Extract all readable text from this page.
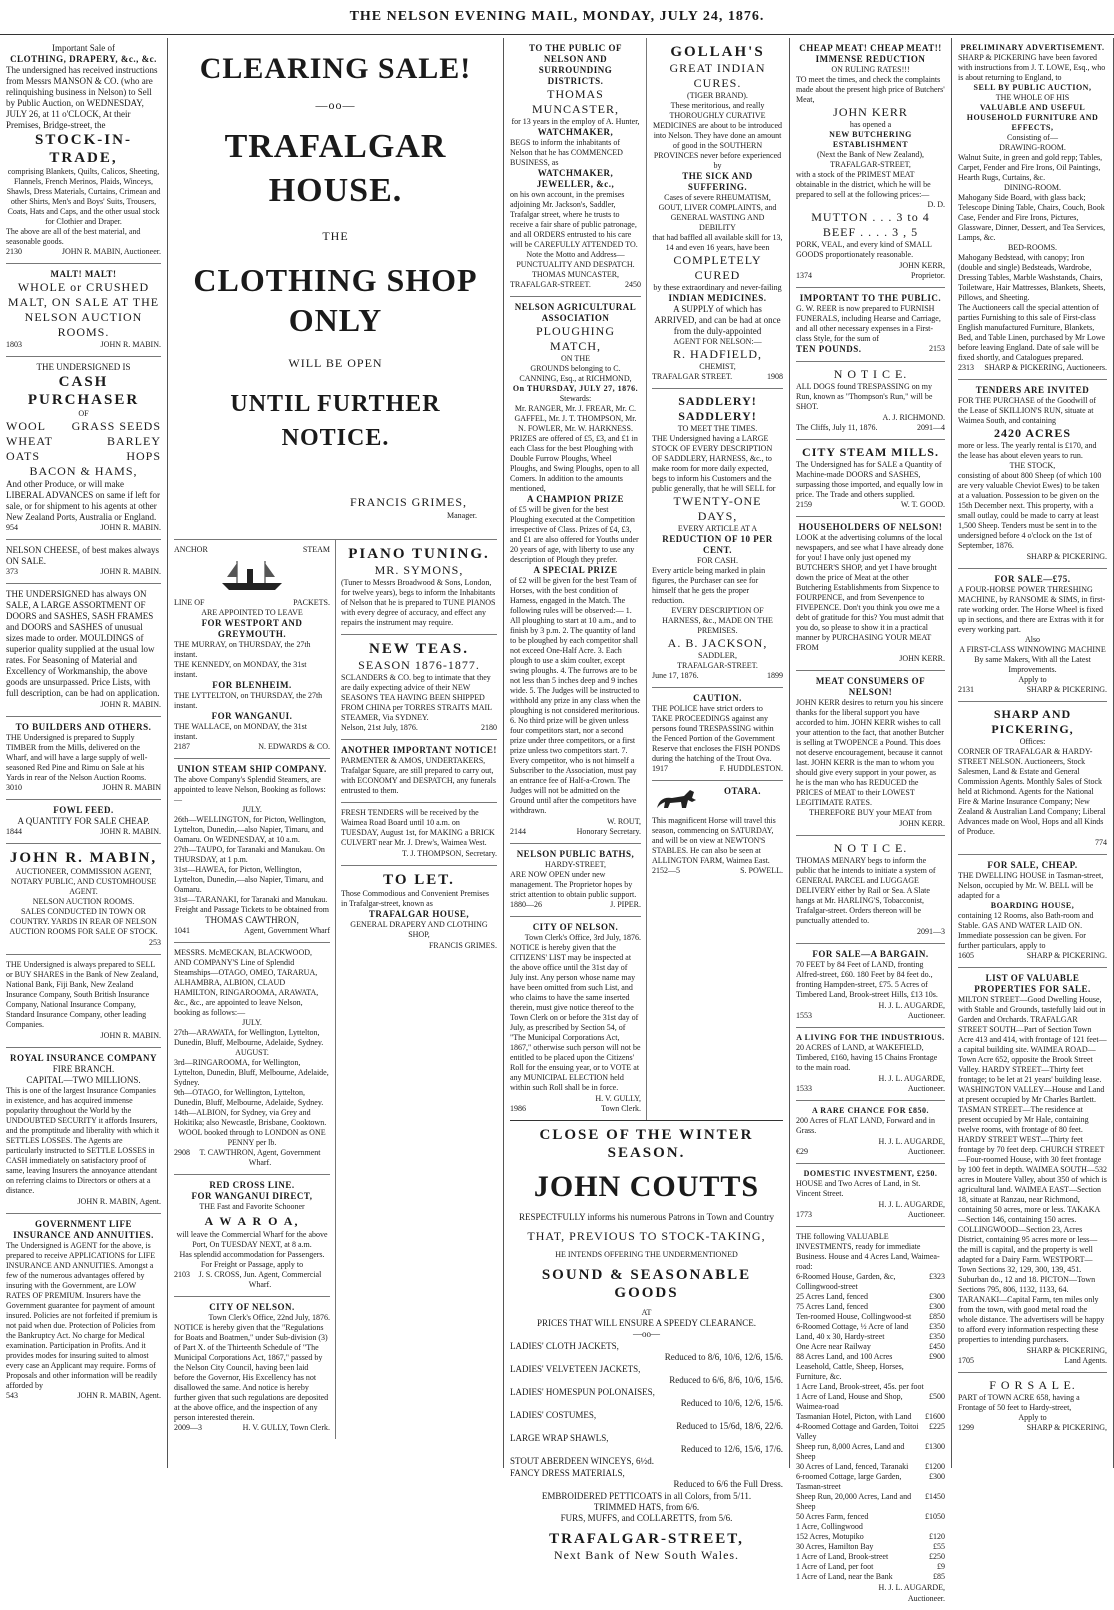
THE NELSON EVENING MAIL, MONDAY, JULY 24, 1876.
Important Sale of
CLOTHING, DRAPERY, &c., &c.
The undersigned has received instructions from Messrs MANSON & CO. (who are relinquishing business in Nelson) to Sell by Public Auction, on WEDNESDAY, JULY 26, at 11 o'CLOCK, At their Premises, Bridge-street, the
STOCK-IN-TRADE,
comprising Blankets, Quilts, Calicos, Sheeting, Flannels, French Merinos, Plaids, Winceys, Shawls, Dress Materials, Curtains, Crimean and other Shirts, Men's and Boys' Suits, Trousers, Coats, Hats and Caps, and the other usual stock for Clothier and Draper.
The above are all of the best material, and seasonable goods.
2130	JOHN R. MABIN, Auctioneer.
MALT! MALT!
WHOLE or CRUSHED MALT, ON SALE AT THE NELSON AUCTION ROOMS.
1803	JOHN R. MABIN.
THE UNDERSIGNED IS
CASH PURCHASER
OF
WOOL GRASS SEEDS
WHEAT	BARLEY
OATS	HOPS
BACON & HAMS,
And other Produce, or will make LIBERAL ADVANCES on same if left for sale, or for shipment to his agents at other New Zealand Ports, Australia or England.
954	JOHN R. MABIN.
NELSON CHEESE, of best makes always ON SALE.
373	JOHN R. MABIN.
THE UNDERSIGNED has always ON SALE, A LARGE ASSORTMENT OF DOORS and SASHES, SASH FRAMES and DOORS and SASHES of unusual sizes made to order. MOULDINGS of superior quality supplied at the usual low rates. For Seasoning of Material and Excellency of Workmanship, the above goods are unsurpassed. Price Lists, with full description, can be had on application.
JOHN R. MABIN.
TO BUILDERS AND OTHERS.
THE Undersigned is prepared to Supply TIMBER from the Mills, delivered on the Wharf, and will have a large supply of well-seasoned Red Pine and Rimu on Sale at his Yards in rear of the Nelson Auction Rooms.
3010	JOHN R. MABIN
FOWL FEED.
A QUANTITY FOR SALE CHEAP.
1844	JOHN R. MABIN.
JOHN R. MABIN,
AUCTIONEER, COMMISSION AGENT, NOTARY PUBLIC, AND CUSTOMHOUSE AGENT.
NELSON AUCTION ROOMS.
SALES CONDUCTED IN TOWN OR COUNTRY. YARDS IN REAR OF NELSON AUCTION ROOMS FOR SALE OF STOCK.
253
THE Undersigned is always prepared to SELL or BUY SHARES in the Bank of New Zealand, National Bank, Fiji Bank, New Zealand Insurance Company, South British Insurance Company, National Insurance Company, Standard Insurance Company, other leading Companies.
JOHN R. MABIN.
ROYAL INSURANCE COMPANY
FIRE BRANCH.
CAPITAL—TWO MILLIONS.
This is one of the largest Insurance Companies in existence, and has acquired immense popularity throughout the World by the UNDOUBTED SECURITY it affords Insurers, and the promptitude and liberality with which it SETTLES LOSSES. The Agents are particularly instructed to SETTLE LOSSES in CASH immediately on satisfactory proof of same, leaving Insurers the annoyance attendant on referring claims to Directors or others at a distance.
JOHN R. MABIN, Agent.
GOVERNMENT LIFE INSURANCE AND ANNUITIES.
The Undersigned is AGENT for the above, is prepared to receive APPLICATIONS for LIFE INSURANCE AND ANNUITIES. Amongst a few of the numerous advantages offered by insuring with the Government, are LOW RATES OF PREMIUM. Insurers have the Government guarantee for payment of amount insured. Policies are not forfeited if premium is not paid when due. Protection of Policies from the Bankruptcy Act. No charge for Medical examination. Participation in Profits. And it provides modes for insuring suited to almost every case an Applicant may require. Forms of Proposals and other information will be readily afforded by
543	JOHN R. MABIN, Agent.
CLEARING SALE!
—oo—
TRAFALGAR HOUSE.
THE
CLOTHING SHOP ONLY
WILL BE OPEN
UNTIL FURTHER NOTICE.
FRANCIS GRIMES,
Manager.
ANCHOR	STEAM
LINE OF	PACKETS.
ARE APPOINTED TO LEAVE
FOR WESTPORT AND GREYMOUTH.
THE MURRAY, on THURSDAY, the 27th instant.
THE KENNEDY, on MONDAY, the 31st instant.
FOR BLENHEIM.
THE LYTTELTON, on THURSDAY, the 27th instant.
FOR WANGANUI.
THE WALLACE, on MONDAY, the 31st instant.
2187	N. EDWARDS & CO.
UNION STEAM SHIP COMPANY.
The above Company's Splendid Steamers, are appointed to leave Nelson, Booking as follows:—
JULY.
26th—WELLINGTON, for Picton, Wellington, Lyttelton, Dunedin,—also Napier, Timaru, and Oamaru. On WEDNESDAY, at 10 a.m.
27th—TAUPO, for Taranaki and Manukau. On THURSDAY, at 1 p.m.
31st—HAWEA, for Picton, Wellington, Lyttelton, Dunedin,—also Napier, Timaru, and Oamaru.
31st—TARANAKI, for Taranaki and Manukau.
Freight and Passage Tickets to be obtained from
THOMAS CAWTHRON,
1041	Agent, Government Wharf
MESSRS. McMECKAN, BLACKWOOD, AND COMPANY'S Line of Splendid Steamships—OTAGO, OMEO, TARARUA, ALHAMBRA, ALBION, CLAUD HAMILTON, RINGAROOMA, ARAWATA, &c., &c., are appointed to leave Nelson, booking as follows:—
JULY.
27th—ARAWATA, for Wellington, Lyttelton, Dunedin, Bluff, Melbourne, Adelaide, Sydney.
AUGUST.
3rd—RINGAROOMA, for Wellington, Lyttelton, Dunedin, Bluff, Melbourne, Adelaide, Sydney.
9th—OTAGO, for Wellington, Lyttelton, Dunedin, Bluff, Melbourne, Adelaide, Sydney.
14th—ALBION, for Sydney, via Grey and Hokitika; also Newcastle, Brisbane, Cooktown.
WOOL booked through to LONDON as ONE PENNY per lb.
2908	T. CAWTHRON, Agent, Government Wharf.
RED CROSS LINE.
FOR WANGANUI DIRECT,
THE Fast and Favorite Schooner
A W A R O A,
will leave the Commercial Wharf for the above Port, On TUESDAY NEXT, at 8 a.m.
Has splendid accommodation for Passengers.
For Freight or Passage, apply to
2103	J. S. CROSS, Jun. Agent, Commercial Wharf.
CITY OF NELSON.
Town Clerk's Office, 22nd July, 1876.
NOTICE is hereby given that the "Regulations for Boats and Boatmen," under Sub-division (3) of Part X. of the Thirteenth Schedule of "The Municipal Corporations Act, 1867," passed by the Nelson City Council, having been laid before the Governor, His Excellency has not disallowed the same. And notice is hereby further given that such regulations are deposited at the above office, and the inspection of any person interested therein.
2009—3	H. V. GULLY, Town Clerk.
PIANO TUNING.
MR. SYMONS,
(Tuner to Messrs Broadwood & Sons, London, for twelve years), begs to inform the Inhabitants of Nelson that he is prepared to TUNE PIANOS with every degree of accuracy, and effect any repairs the instrument may require.
NEW TEAS.
SEASON 1876-1877.
SCLANDERS & CO. beg to intimate that they are daily expecting advice of their NEW SEASON'S TEA HAVING BEEN SHIPPED FROM CHINA per TORRES STRAITS MAIL STEAMER, Via SYDNEY.
Nelson, 21st July, 1876.	2180
ANOTHER IMPORTANT NOTICE!
PARMENTER & AMOS, UNDERTAKERS, Trafalgar Square, are still prepared to carry out, with ECONOMY and DESPATCH, any funerals entrusted to them.
FRESH TENDERS will be received by the Waimea Road Board until 10 a.m. on TUESDAY, August 1st, for MAKING a BRICK CULVERT near Mr. J. Drew's, Waimea West.
T. J. THOMPSON, Secretary.
TO LET.
Those Commodious and Convenient Premises in Trafalgar-street, known as
TRAFALGAR HOUSE,
GENERAL DRAPERY AND CLOTHING SHOP,
FRANCIS GRIMES.
TO THE PUBLIC OF NELSON AND SURROUNDING DISTRICTS.
THOMAS MUNCASTER,
for 13 years in the employ of A. Hunter,
WATCHMAKER,
BEGS to inform the inhabitants of Nelson that he has COMMENCED BUSINESS, as
WATCHMAKER, JEWELLER, &c.,
on his own account, in the premises adjoining Mr. Jackson's, Saddler, Trafalgar street, where he trusts to receive a fair share of public patronage, and all ORDERS entrusted to his care will be CAREFULLY ATTENDED TO.
Note the Motto and Address—
PUNCTUALITY AND DESPATCH.
THOMAS MUNCASTER,
TRAFALGAR-STREET.	2450
NELSON AGRICULTURAL ASSOCIATION
PLOUGHING MATCH,
ON THE
GROUNDS belonging to C. CANNING, Esq., at RICHMOND,
On THURSDAY, JULY 27, 1876.
Stewards:
Mr. RANGER, Mr. J. FREAR, Mr. C. GAFFEL, Mr. J. T. THOMPSON, Mr. N. FOWLER, Mr. W. HARKNESS.
PRIZES are offered of £5, £3, and £1 in each Class for the best Ploughing with Double Furrow Ploughs, Wheel Ploughs, and Swing Ploughs, open to all Comers. In addition to the amounts mentioned,
A CHAMPION PRIZE
of £5 will be given for the best Ploughing executed at the Competition irrespective of Class. Prizes of £4, £3, and £1 are also offered for Youths under 20 years of age, with liberty to use any description of Plough they prefer.
A SPECIAL PRIZE
of £2 will be given for the best Team of Horses, with the best condition of Harness, engaged in the Match. The following rules will be observed:— 1. All ploughing to start at 10 a.m., and to finish by 3 p.m. 2. The quantity of land to be ploughed by each competitor shall not exceed One-Half Acre. 3. Each plough to use a skim coulter, except swing ploughs. 4. The furrows are to be not less than 5 inches deep and 9 inches wide. 5. The Judges will be instructed to withhold any prize in any class when the ploughing is not considered meritorious. 6. No third prize will be given unless four competitors start, nor a second prize under three competitors, or a first prize unless two competitors start. 7. Every competitor, who is not himself a Subscriber to the Association, must pay an entrance fee of Half-a-Crown. The Judges will not be admitted on the Ground until after the competitors have withdrawn.
W. ROUT,
2144	Honorary Secretary.
NELSON PUBLIC BATHS,
HARDY-STREET,
ARE NOW OPEN under new management. The Proprietor hopes by strict attention to obtain public support.
1880—26	J. PIPER.
CITY OF NELSON.
Town Clerk's Office, 3rd July, 1876.
NOTICE is hereby given that the CITIZENS' LIST may be inspected at the above office until the 31st day of July inst. Any person whose name may have been omitted from such List, and who claims to have the same inserted therein, must give notice thereof to the Town Clerk on or before the 31st day of July, as prescribed by Section 54, of "The Municipal Corporations Act, 1867," otherwise such person will not be entitled to be placed upon the Citizens' Roll for the ensuing year, or to VOTE at any MUNICIPAL ELECTION held within such Roll shall be in force.
H. V. GULLY,
1986	Town Clerk.
GOLLAH'S
GREAT INDIAN CURES.
(TIGER BRAND).
These meritorious, and really THOROUGHLY CURATIVE MEDICINES are about to be introduced into Nelson. They have done an amount of good in the SOUTHERN PROVINCES never before experienced by
THE SICK AND SUFFERING.
Cases of severe RHEUMATISM, GOUT, LIVER COMPLAINTS, and GENERAL WASTING AND DEBILITY
that had baffled all available skill for 13, 14 and even 16 years, have been
COMPLETELY CURED
by these extraordinary and never-failing
INDIAN MEDICINES.
A SUPPLY of which has ARRIVED, and can be had at once from the duly-appointed
AGENT FOR NELSON:—
R. HADFIELD,
CHEMIST,
TRAFALGAR STREET.	1908
SADDLERY! SADDLERY!
TO MEET THE TIMES.
THE Undersigned having a LARGE STOCK OF EVERY DESCRIPTION OF SADDLERY, HARNESS, &c., to make room for more daily expected, begs to inform his Customers and the public generally, that he will SELL for
TWENTY-ONE DAYS,
EVERY ARTICLE AT A
REDUCTION OF 10 PER CENT.
FOR CASH.
Every article being marked in plain figures, the Purchaser can see for himself that he gets the proper reduction.
EVERY DESCRIPTION OF HARNESS, &c., MADE ON THE PREMISES.
A. B. JACKSON,
SADDLER,
TRAFALGAR-STREET.
June 17, 1876.	1899
CAUTION.
THE POLICE have strict orders to TAKE PROCEEDINGS against any persons found TRESPASSING within the Fenced Portion of the Government Reserve that encloses the FISH PONDS during the hatching of the Trout Ova.
1917	F. HUDDLESTON.
OTARA.
This magnificent Horse will travel this season, commencing on SATURDAY, and will be on view at NEWTON'S STABLES. He can also be seen at ALLINGTON FARM, Waimea East.
2152—5	S. POWELL.
CLOSE OF THE WINTER SEASON.
JOHN COUTTS
RESPECTFULLY informs his numerous Patrons in Town and Country
THAT, PREVIOUS TO STOCK-TAKING,
HE INTENDS OFFERING THE UNDERMENTIONED
SOUND & SEASONABLE GOODS
AT
PRICES THAT WILL ENSURE A SPEEDY CLEARANCE.
—oo—
LADIES' CLOTH JACKETS,
Reduced to 8/6, 10/6, 12/6, 15/6.
LADIES' VELVETEEN JACKETS,
Reduced to 6/6, 8/6, 10/6, 15/6.
LADIES' HOMESPUN POLONAISES,
Reduced to 10/6, 12/6, 15/6.
LADIES' COSTUMES,
Reduced to 15/6d, 18/6, 22/6.
LARGE WRAP SHAWLS,
Reduced to 12/6, 15/6, 17/6.
STOUT ABERDEEN WINCEYS, 6½d.
FANCY DRESS MATERIALS,
Reduced to 6/6 the Full Dress.
EMBROIDERED PETTICOATS in all Colors, from 5/11.
TRIMMED HATS, from 6/6.
FURS, MUFFS, and COLLARETTS, from 5/6.
TRAFALGAR-STREET,
Next Bank of New South Wales.
CHEAP MEAT! CHEAP MEAT!!
IMMENSE REDUCTION
ON RULING RATES!!!
TO meet the times, and check the complaints made about the present high price of Butchers' Meat,
JOHN KERR
has opened a
NEW BUTCHERING ESTABLISHMENT
(Next the Bank of New Zealand), TRAFALGAR-STREET,
with a stock of the PRIMEST MEAT obtainable in the district, which he will be prepared to sell at the following prices:—
D. D.
MUTTON . . . 3 to 4
BEEF . . . . 3 , 5
PORK, VEAL, and every kind of SMALL GOODS proportionately reasonable.
JOHN KERR,
1374	Proprietor.
IMPORTANT TO THE PUBLIC.
G. W. REER is now prepared to FURNISH FUNERALS, including Hearse and Carriage, and all other necessary expenses in a First-class Style, for the sum of
TEN POUNDS.	2153
N O T I C E.
ALL DOGS found TRESPASSING on my Run, known as "Thompson's Run," will be SHOT.
A. J. RICHMOND.
The Cliffs, July 11, 1876.	2091—4
CITY STEAM MILLS.
The Undersigned has for SALE a Quantity of Machine-made DOORS and SASHES, surpassing those imported, and equally low in price. The Trade and others supplied.
2159	W. T. GOOD.
HOUSEHOLDERS OF NELSON!
LOOK at the advertising columns of the local newspapers, and see what I have already done for you! I have only just opened my BUTCHER'S SHOP, and yet I have brought down the price of Meat at the other Butchering Establishments from Sixpence to FOURPENCE, and from Sevenpence to FIVEPENCE. Don't you think you owe me a debt of gratitude for this? You must admit that you do, so please to show it in a practical manner by PURCHASING YOUR MEAT FROM
JOHN KERR.
MEAT CONSUMERS OF NELSON!
JOHN KERR desires to return you his sincere thanks for the liberal support you have accorded to him. JOHN KERR wishes to call your attention to the fact, that another Butcher is selling at TWOPENCE a Pound. This does not deserve encouragement, because it cannot last. JOHN KERR is the man to whom you should give every support in your power, as he is the man who has REDUCED the PRICES of MEAT to their LOWEST LEGITIMATE RATES.
THEREFORE BUY your MEAT from
JOHN KERR.
N O T I C E.
THOMAS MENARY begs to inform the public that he intends to initiate a system of GENERAL PARCEL and LUGGAGE DELIVERY either by Rail or Sea. A Slate hangs at Mr. HARLING'S, Tobacconist, Trafalgar-street. Orders thereon will be punctually attended to.
2091—3
FOR SALE—A BARGAIN.
70 FEET by 84 Feet of LAND, fronting Alfred-street, £60. 180 Feet by 84 feet do., fronting Hampden-street, £75. 5 Acres of Timbered Land, Brook-street Hills, £13 10s.
H. J. L. AUGARDE,
1553	Auctioneer.
A LIVING FOR THE INDUSTRIOUS.
20 ACRES of LAND, at WAKEFIELD, Timbered, £160, having 15 Chains Frontage to the main road.
H. J. L. AUGARDE,
1533	Auctioneer.
A RARE CHANCE FOR £850.
200 Acres of FLAT LAND, Forward and in Grass.
H. J. L. AUGARDE,
€29	Auctioneer.
DOMESTIC INVESTMENT, £250.
HOUSE and Two Acres of Land, in St. Vincent Street.
H. J. L. AUGARDE,
1773	Auctioneer.
THE following VALUABLE INVESTMENTS, ready for immediate Business. House and 4 Acres Land, Waimea-road:
6-Roomed House, Garden, &c, Collingwood-street
£323
25 Acres Land, fenced	£300
75 Acres Land, fenced	£300
Ten-roomed House, Collingwood-st £850
6-Roomed Cottage, ½ Acre of land	£350
Land, 40 x 30, Hardy-street	£350
One Acre near Railway	£450
88 Acres Land, and 100 Acres Leasehold, Cattle, Sheep, Horses, Furniture, &c.
£900
1 Acre Land, Brook-street, 45s. per foot
1 Acre of Land, House and Shop, Waimea-road
£500
Tasmanian Hotel, Picton, with Land £1600
4-Roomed Cottage and Garden, Toitoi Valley
£225
Sheep run, 8,000 Acres, Land and Sheep
£1300
30 Acres of Land, fenced, Taranaki £1200
6-roomed Cottage, large Garden, Tasman-street
£300
Sheep Run, 20,000 Acres, Land and Sheep
£1450
50 Acres Farm, fenced	£1050
1 Acre, Collingwood
152 Acres, Motupiko	£120
30 Acres, Hamilton Bay	£55
1 Acre of Land, Brook-street	£250
1 Acre of Land, per foot	£9
1 Acre of Land, near the Bank	£85
H. J. L. AUGARDE,
Auctioneer.
PRELIMINARY ADVERTISEMENT.
SHARP & PICKERING have been favored with instructions from J. T. LOWE, Esq., who is about returning to England, to
SELL BY PUBLIC AUCTION,
THE WHOLE OF HIS
VALUABLE AND USEFUL HOUSEHOLD FURNITURE AND EFFECTS,
Consisting of—
DRAWING-ROOM.
Walnut Suite, in green and gold repp; Tables, Carpet, Fender and Fire Irons, Oil Paintings, Hearth Rugs, Curtains, &c.
DINING-ROOM.
Mahogany Side Board, with glass back; Telescope Dining Table, Chairs, Couch, Book Case, Fender and Fire Irons, Pictures, Glassware, Dinner, Dessert, and Tea Services, Lamps, &c.
BED-ROOMS.
Mahogany Bedstead, with canopy; Iron (double and single) Bedsteads, Wardrobe, Dressing Tables, Marble Washstands, Chairs, Toiletware, Hair Mattresses, Blankets, Sheets, Pillows, and Sheeting.
The Auctioneers call the special attention of parties Furnishing to this sale of First-class English manufactured Furniture, Blankets, Bed, and Table Linen, purchased by Mr Lowe before leaving England. Date of sale will be fixed shortly, and Catalogues prepared.
2313 SHARP & PICKERING, Auctioneers.
TENDERS ARE INVITED
FOR THE PURCHASE of the Goodwill of the Lease of SKILLION'S RUN, situate at Waimea South, and containing
2420 ACRES
more or less. The yearly rental is £170, and the lease has about eleven years to run.
THE STOCK,
consisting of about 800 Sheep (of which 100 are very valuable Cheviot Ewes) to be taken at a valuation. Possession to be given on the 15th December next. This property, with a small outlay, could be made to carry at least 1,500 Sheep. Tenders must be sent in to the undersigned before 4 o'clock on the 1st of September, 1876.
SHARP & PICKERING.
FOR SALE—£75.
A FOUR-HORSE POWER THRESHING MACHINE, by RANSOME & SIMS, in first-rate working order. The Horse Wheel is fixed up in sections, and there are Extras with it for every working part.
Also
A FIRST-CLASS WINNOWING MACHINE By same Makers, With all the Latest Improvements.
Apply to
2131	SHARP & PICKERING.
SHARP AND PICKERING,
Offices:
CORNER OF TRAFALGAR & HARDY-STREET NELSON. Auctioneers, Stock Salesmen, Land & Estate and General Commission Agents. Monthly Sales of Stock held at Richmond. Agents for the National Fire & Marine Insurance Company; New Zealand & Australian Land Company; Liberal Advances made on Wool, Hops and all Kinds of Produce.
774
FOR SALE, CHEAP.
THE DWELLING HOUSE in Tasman-street, Nelson, occupied by Mr. W. BELL will be adapted for a
BOARDING HOUSE,
containing 12 Rooms, also Bath-room and Stable. GAS AND WATER LAID ON. Immediate possession can be given. For further particulars, apply to
1605	SHARP & PICKERING.
LIST OF VALUABLE PROPERTIES FOR SALE.
MILTON STREET—Good Dwelling House, with Stable and Grounds, tastefully laid out in Garden and Orchards. TRAFALGAR STREET SOUTH—Part of Section Town Acre 413 and 414, with frontage of 121 feet—a capital building site. WAIMEA ROAD—Town Acre 652, opposite the Brook Street Valley. HARDY STREET—Thirty feet frontage; to be let at 21 years' building lease. WASHINGTON VALLEY—House and Land at present occupied by Mr Charles Bartlett. TASMAN STREET—The residence at present occupied by Mr Hale, containing twelve rooms, with frontage of 80 feet. HARDY STREET WEST—Thirty feet frontage by 70 feet deep. CHURCH STREET—Four-roomed House, with 30 feet frontage by 100 feet in depth. WAIMEA SOUTH—532 acres in Moutere Valley, about 350 of which is agricultural land. WAIMEA EAST—Section 18, situate at Ranzau, near Richmond, containing 50 acres, more or less. TAKAKA—Section 146, containing 150 acres. COLLINGWOOD—Section 23, Acres District, containing 95 acres more or less—the mill is capital, and the property is well adapted for a Dairy Farm. WESTPORT—Town Sections 32, 129, 300, 139, 451. Suburban do., 12 and 18. PICTON—Town Sections 795, 806, 1132, 1133, 64. TARANAKI—Capital Farm, ten miles only from the town, with good metal road the whole distance. The advertisers will be happy to afford every information respecting these properties to intending purchasers.
SHARP & PICKERING,
1705	Land Agents.
F O R S A L E.
PART of TOWN ACRE 658, having a Frontage of 50 feet to Hardy-street,
Apply to
1299	SHARP & PICKERING,
